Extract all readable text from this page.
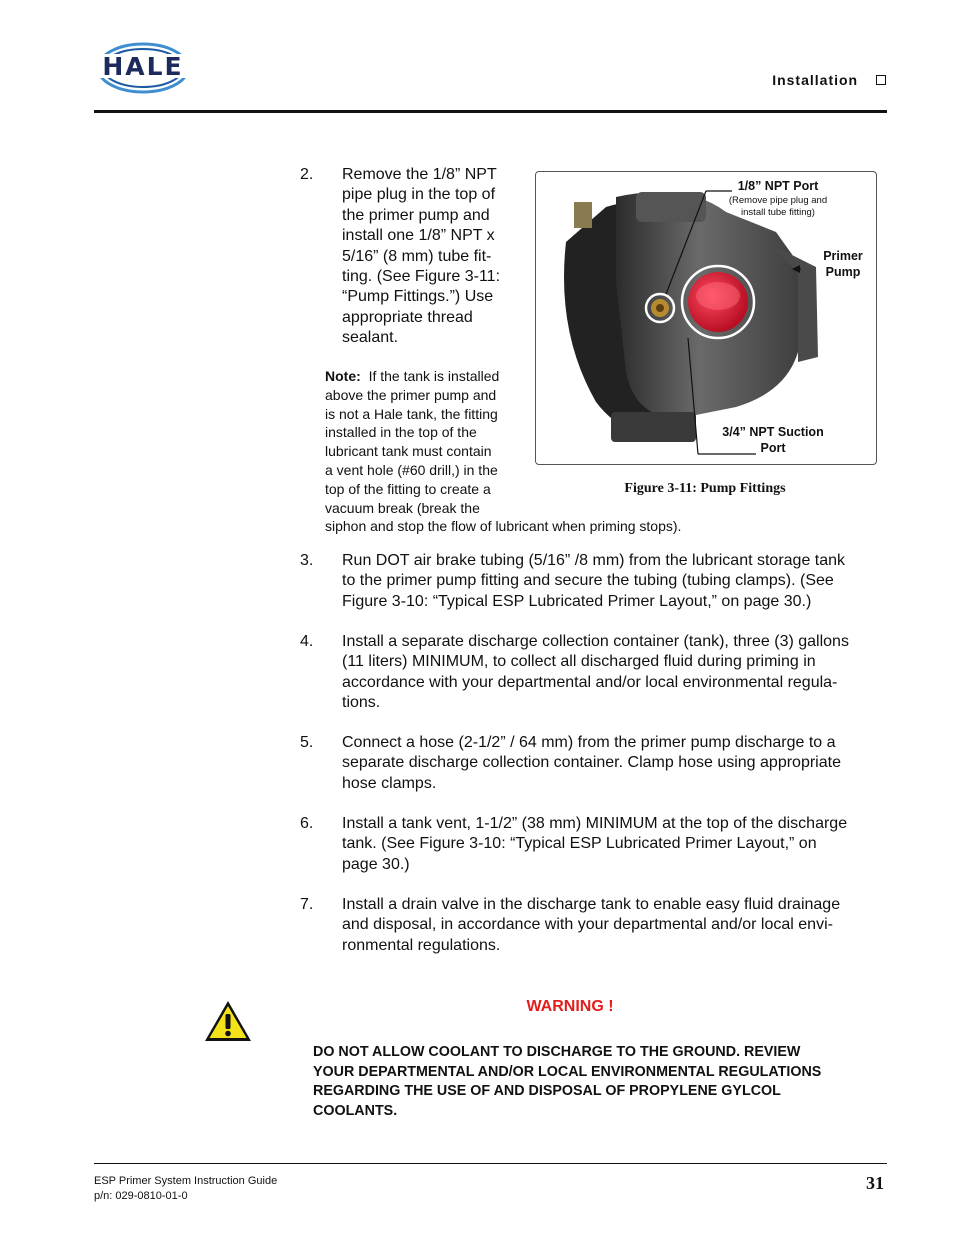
HALE	Installation
2. Remove the 1/8” NPT
pipe plug in the top of
the primer pump and
install one 1/8” NPT x
5/16” (8 mm) tube fit-
ting. (See Figure 3-11:
“Pump Fittings.”) Use
appropriate thread
sealant.
Note: If the tank is installed
above the primer pump and
is not a Hale tank, the fitting
installed in the top of the
lubricant tank must contain
a vent hole (#60 drill,) in the
top of the fitting to create a
vacuum break (break the
siphon and stop the flow of lubricant when priming stops).
1/8” NPT Port
(Remove pipe plug and
install tube fitting)
Primer
Pump
3/4” NPT Suction
Port
Figure 3-11: Pump Fittings
3. Run DOT air brake tubing (5/16” /8 mm) from the lubricant storage tank
to the primer pump fitting and secure the tubing (tubing clamps). (See
Figure 3-10: “Typical ESP Lubricated Primer Layout,” on page 30.)
4. Install a separate discharge collection container (tank), three (3) gallons
(11 liters) MINIMUM, to collect all discharged fluid during priming in
accordance with your departmental and/or local environmental regula-
tions.
5. Connect a hose (2-1/2” / 64 mm) from the primer pump discharge to a
separate discharge collection container. Clamp hose using appropriate
hose clamps.
6. Install a tank vent, 1-1/2” (38 mm) MINIMUM at the top of the discharge
tank. (See Figure 3-10: “Typical ESP Lubricated Primer Layout,” on
page 30.)
7. Install a drain valve in the discharge tank to enable easy fluid drainage
and disposal, in accordance with your departmental and/or local envi-
ronmental regulations.
WARNING !
DO NOT ALLOW COOLANT TO DISCHARGE TO THE GROUND. REVIEW
YOUR DEPARTMENTAL AND/OR LOCAL ENVIRONMENTAL REGULATIONS
REGARDING THE USE OF AND DISPOSAL OF PROPYLENE GYLCOL
COOLANTS.
ESP Primer System Instruction Guide
p/n: 029-0810-01-0
31
